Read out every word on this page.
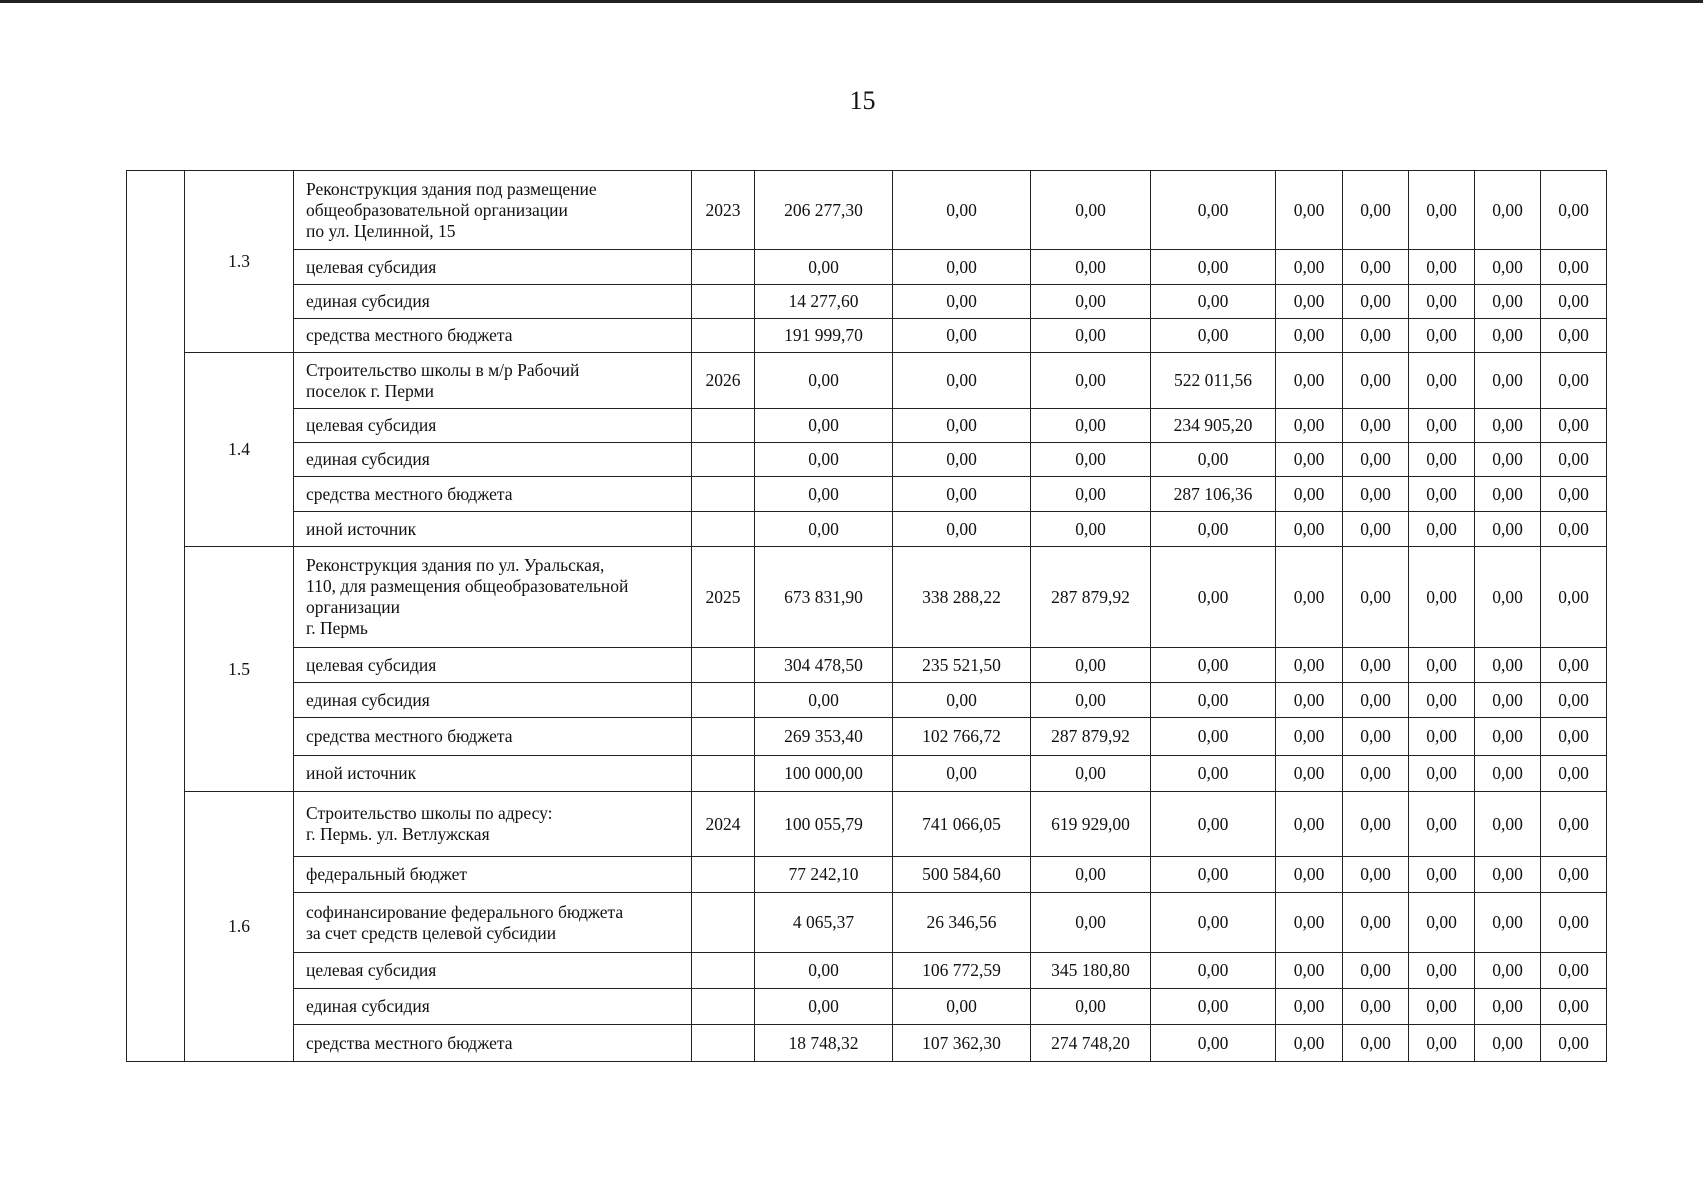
15
	1.3	Реконструкция здания под размещение
общеобразовательной организации
по ул. Целинной, 15	2023	206 277,30	0,00	0,00	0,00	0,00	0,00	0,00	0,00	0,00

		целевая субсидия		0,00	0,00	0,00	0,00	0,00	0,00	0,00	0,00	0,00

		единая субсидия		14 277,60	0,00	0,00	0,00	0,00	0,00	0,00	0,00	0,00

		средства местного бюджета		191 999,70	0,00	0,00	0,00	0,00	0,00	0,00	0,00	0,00
	1.4	Строительство школы в м/р Рабочий
поселок г. Перми	2026	0,00	0,00	0,00	522 011,56	0,00	0,00	0,00	0,00	0,00

		целевая субсидия		0,00	0,00	0,00	234 905,20	0,00	0,00	0,00	0,00	0,00

		единая субсидия		0,00	0,00	0,00	0,00	0,00	0,00	0,00	0,00	0,00

		средства местного бюджета		0,00	0,00	0,00	287 106,36	0,00	0,00	0,00	0,00	0,00

		иной источник		0,00	0,00	0,00	0,00	0,00	0,00	0,00	0,00	0,00
	1.5	Реконструкция здания по ул. Уральская,
110, для размещения общеобразовательной
организации
г. Пермь	2025	673 831,90	338 288,22	287 879,92	0,00	0,00	0,00	0,00	0,00	0,00

		целевая субсидия		304 478,50	235 521,50	0,00	0,00	0,00	0,00	0,00	0,00	0,00

		единая субсидия		0,00	0,00	0,00	0,00	0,00	0,00	0,00	0,00	0,00

		средства местного бюджета		269 353,40	102 766,72	287 879,92	0,00	0,00	0,00	0,00	0,00	0,00

		иной источник		100 000,00	0,00	0,00	0,00	0,00	0,00	0,00	0,00	0,00
	1.6	Строительство школы по адресу:
г. Пермь. ул. Ветлужская	2024	100 055,79	741 066,05	619 929,00	0,00	0,00	0,00	0,00	0,00	0,00

		федеральный бюджет		77 242,10	500 584,60	0,00	0,00	0,00	0,00	0,00	0,00	0,00

		софинансирование федерального бюджета
за счет средств целевой субсидии		4 065,37	26 346,56	0,00	0,00	0,00	0,00	0,00	0,00	0,00

		целевая субсидия		0,00	106 772,59	345 180,80	0,00	0,00	0,00	0,00	0,00	0,00

		единая субсидия		0,00	0,00	0,00	0,00	0,00	0,00	0,00	0,00	0,00

		средства местного бюджета		18 748,32	107 362,30	274 748,20	0,00	0,00	0,00	0,00	0,00	0,00
